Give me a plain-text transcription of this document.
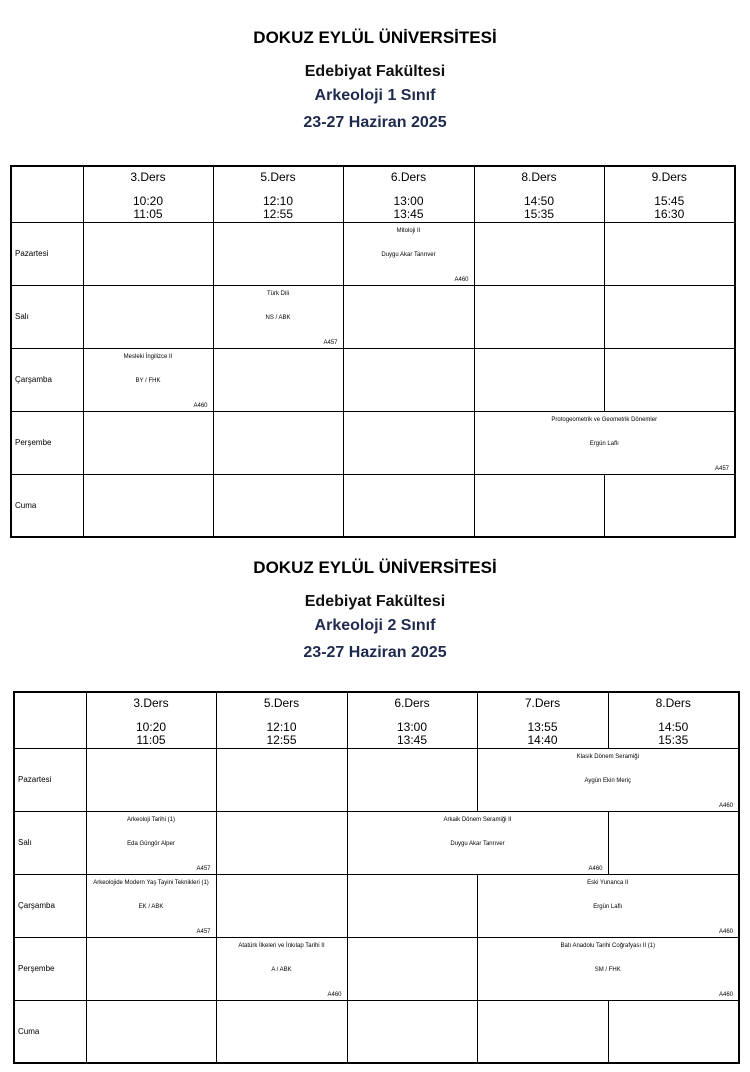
DOKUZ EYLÜL ÜNİVERSİTESİ
Edebiyat Fakültesi
Arkeoloji 1 Sınıf
23-27 Haziran 2025

	3.Ders
10:20
11:05	5.Ders
12:10
12:55	6.Ders
13:00
13:45	8.Ders
14:50
15:35	9.Ders
15:45
16:30
Pazartesi			Mitoloji II
Duygu Akar Tanrıver
A460		

Salı		Türk Dili
NS / ABK
A457			

Çarşamba	Mesleki İngilizce II
BY / FHK
A460				

Perşembe				Protogeometrik ve Geometrik Dönemler
Ergün Laflı
A457	

Cuma					
DOKUZ EYLÜL ÜNİVERSİTESİ
Edebiyat Fakültesi
Arkeoloji 2 Sınıf
23-27 Haziran 2025

	3.Ders
10:20
11:05	5.Ders
12:10
12:55	6.Ders
13:00
13:45	7.Ders
13:55
14:40	8.Ders
14:50
15:35
Pazartesi				Klasik Dönem Seramiği
Aygün Ekin Meriç
A460	

Salı	Arkeoloji Tarihi (1)
Eda Güngör Alper
A457		Arkaik Dönem Seramiği II
Duygu Akar Tanrıver
A460		

Çarşamba	Arkeolojide Modern Yaş Tayini Teknikleri (1)
EK / ABK
A457			Eski Yunanca II
Ergün Laflı
A460	

Perşembe		Atatürk İlkeleri ve İnkılap Tarihi II
A / ABK
A460		Batı Anadolu Tarihi Coğrafyası II (1)
SM / FHK
A460	

Cuma					
